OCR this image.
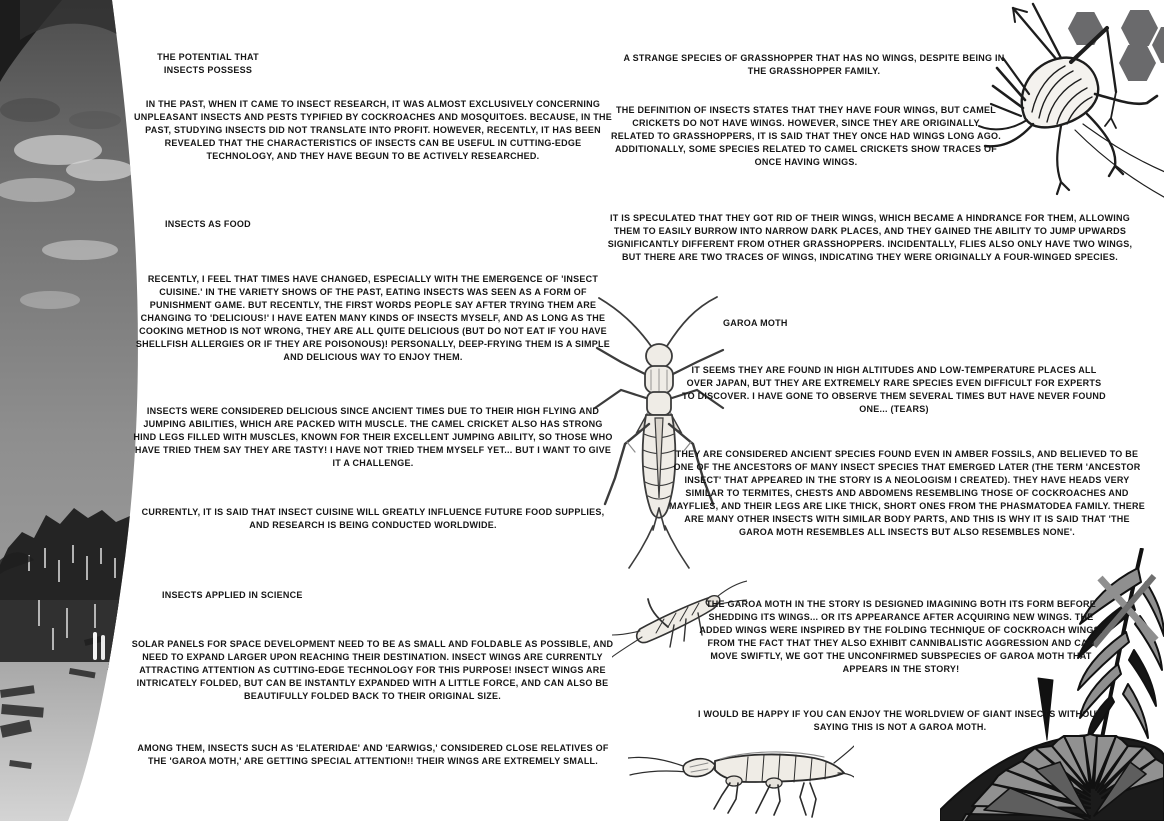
THE POTENTIAL THAT INSECTS POSSESS
IN THE PAST, WHEN IT CAME TO INSECT RESEARCH, IT WAS ALMOST EXCLUSIVELY CONCERNING UNPLEASANT INSECTS AND PESTS TYPIFIED BY COCKROACHES AND MOSQUITOES. BECAUSE, IN THE PAST, STUDYING INSECTS DID NOT TRANSLATE INTO PROFIT. HOWEVER, RECENTLY, IT HAS BEEN REVEALED THAT THE CHARACTERISTICS OF INSECTS CAN BE USEFUL IN CUTTING-EDGE TECHNOLOGY, AND THEY HAVE BEGUN TO BE ACTIVELY RESEARCHED.
INSECTS AS FOOD
RECENTLY, I FEEL THAT TIMES HAVE CHANGED, ESPECIALLY WITH THE EMERGENCE OF 'INSECT CUISINE.' IN THE VARIETY SHOWS OF THE PAST, EATING INSECTS WAS SEEN AS A FORM OF PUNISHMENT GAME. BUT RECENTLY, THE FIRST WORDS PEOPLE SAY AFTER TRYING THEM ARE CHANGING TO 'DELICIOUS!' I HAVE EATEN MANY KINDS OF INSECTS MYSELF, AND AS LONG AS THE COOKING METHOD IS NOT WRONG, THEY ARE ALL QUITE DELICIOUS (BUT DO NOT EAT IF YOU HAVE SHELLFISH ALLERGIES OR IF THEY ARE POISONOUS)! PERSONALLY, DEEP-FRYING THEM IS A SIMPLE AND DELICIOUS WAY TO ENJOY THEM.
INSECTS WERE CONSIDERED DELICIOUS SINCE ANCIENT TIMES DUE TO THEIR HIGH FLYING AND JUMPING ABILITIES, WHICH ARE PACKED WITH MUSCLE. THE CAMEL CRICKET ALSO HAS STRONG HIND LEGS FILLED WITH MUSCLES, KNOWN FOR THEIR EXCELLENT JUMPING ABILITY, SO THOSE WHO HAVE TRIED THEM SAY THEY ARE TASTY! I HAVE NOT TRIED THEM MYSELF YET... BUT I WANT TO GIVE IT A CHALLENGE.
CURRENTLY, IT IS SAID THAT INSECT CUISINE WILL GREATLY INFLUENCE FUTURE FOOD SUPPLIES, AND RESEARCH IS BEING CONDUCTED WORLDWIDE.
INSECTS APPLIED IN SCIENCE
SOLAR PANELS FOR SPACE DEVELOPMENT NEED TO BE AS SMALL AND FOLDABLE AS POSSIBLE, AND NEED TO EXPAND LARGER UPON REACHING THEIR DESTINATION. INSECT WINGS ARE CURRENTLY ATTRACTING ATTENTION AS CUTTING-EDGE TECHNOLOGY FOR THIS PURPOSE! INSECT WINGS ARE INTRICATELY FOLDED, BUT CAN BE INSTANTLY EXPANDED WITH A LITTLE FORCE, AND CAN ALSO BE BEAUTIFULLY FOLDED BACK TO THEIR ORIGINAL SIZE.
AMONG THEM, INSECTS SUCH AS 'ELATERIDAE' AND 'EARWIGS,' CONSIDERED CLOSE RELATIVES OF THE 'GAROA MOTH,' ARE GETTING SPECIAL ATTENTION!! THEIR WINGS ARE EXTREMELY SMALL.
A STRANGE SPECIES OF GRASSHOPPER THAT HAS NO WINGS, DESPITE BEING IN THE GRASSHOPPER FAMILY.
THE DEFINITION OF INSECTS STATES THAT THEY HAVE FOUR WINGS, BUT CAMEL CRICKETS DO NOT HAVE WINGS. HOWEVER, SINCE THEY ARE ORIGINALLY RELATED TO GRASSHOPPERS, IT IS SAID THAT THEY ONCE HAD WINGS LONG AGO. ADDITIONALLY, SOME SPECIES RELATED TO CAMEL CRICKETS SHOW TRACES OF ONCE HAVING WINGS.
IT IS SPECULATED THAT THEY GOT RID OF THEIR WINGS, WHICH BECAME A HINDRANCE FOR THEM, ALLOWING THEM TO EASILY BURROW INTO NARROW DARK PLACES, AND THEY GAINED THE ABILITY TO JUMP UPWARDS SIGNIFICANTLY DIFFERENT FROM OTHER GRASSHOPPERS. INCIDENTALLY, FLIES ALSO ONLY HAVE TWO WINGS, BUT THERE ARE TWO TRACES OF WINGS, INDICATING THEY WERE ORIGINALLY A FOUR-WINGED SPECIES.
GAROA MOTH
IT SEEMS THEY ARE FOUND IN HIGH ALTITUDES AND LOW-TEMPERATURE PLACES ALL OVER JAPAN, BUT THEY ARE EXTREMELY RARE SPECIES EVEN DIFFICULT FOR EXPERTS TO DISCOVER. I HAVE GONE TO OBSERVE THEM SEVERAL TIMES BUT HAVE NEVER FOUND ONE... (TEARS)
THEY ARE CONSIDERED ANCIENT SPECIES FOUND EVEN IN AMBER FOSSILS, AND BELIEVED TO BE ONE OF THE ANCESTORS OF MANY INSECT SPECIES THAT EMERGED LATER (THE TERM 'ANCESTOR INSECT' THAT APPEARED IN THE STORY IS A NEOLOGISM I CREATED). THEY HAVE HEADS VERY SIMILAR TO TERMITES, CHESTS AND ABDOMENS RESEMBLING THOSE OF COCKROACHES AND MAYFLIES, AND THEIR LEGS ARE LIKE THICK, SHORT ONES FROM THE PHASMATODEA FAMILY. THERE ARE MANY OTHER INSECTS WITH SIMILAR BODY PARTS, AND THIS IS WHY IT IS SAID THAT 'THE GAROA MOTH RESEMBLES ALL INSECTS BUT ALSO RESEMBLES NONE'.
THE GAROA MOTH IN THE STORY IS DESIGNED IMAGINING BOTH ITS FORM BEFORE SHEDDING ITS WINGS... OR ITS APPEARANCE AFTER ACQUIRING NEW WINGS. THE ADDED WINGS WERE INSPIRED BY THE FOLDING TECHNIQUE OF COCKROACH WINGS. FROM THE FACT THAT THEY ALSO EXHIBIT CANNIBALISTIC AGGRESSION AND CAN MOVE SWIFTLY, WE GOT THE UNCONFIRMED SUBSPECIES OF GAROA MOTH THAT APPEARS IN THE STORY!
I WOULD BE HAPPY IF YOU CAN ENJOY THE WORLDVIEW OF GIANT INSECTS WITHOUT SAYING THIS IS NOT A GAROA MOTH.
